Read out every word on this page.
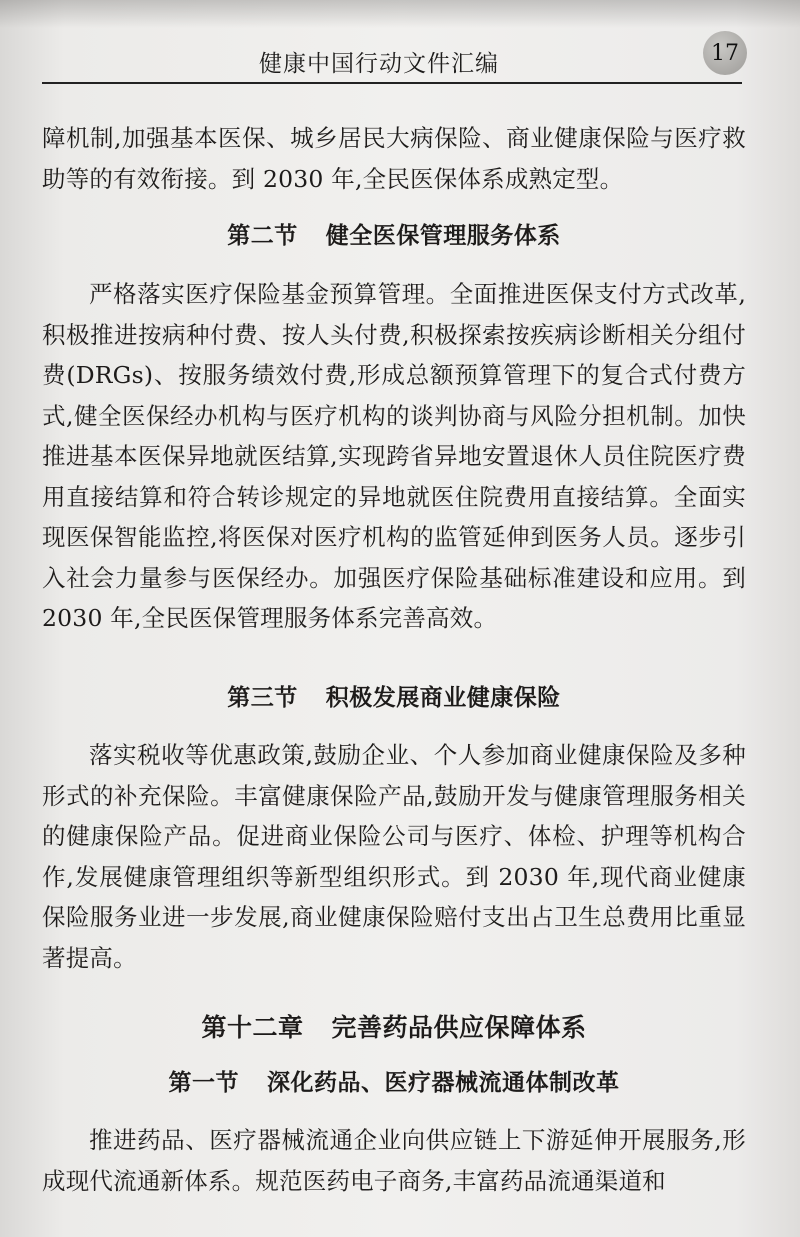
健康中国行动文件汇编	17

障机制,加强基本医保、城乡居民大病保险、商业健康保险与医疗救助等的有效衔接。到 2030 年,全民医保体系成熟定型。

第二节 健全医保管理服务体系

严格落实医疗保险基金预算管理。全面推进医保支付方式改革,积极推进按病种付费、按人头付费,积极探索按疾病诊断相关分组付费(DRGs)、按服务绩效付费,形成总额预算管理下的复合式付费方式,健全医保经办机构与医疗机构的谈判协商与风险分担机制。加快推进基本医保异地就医结算,实现跨省异地安置退休人员住院医疗费用直接结算和符合转诊规定的异地就医住院费用直接结算。全面实现医保智能监控,将医保对医疗机构的监管延伸到医务人员。逐步引入社会力量参与医保经办。加强医疗保险基础标准建设和应用。到 2030 年,全民医保管理服务体系完善高效。

第三节 积极发展商业健康保险

落实税收等优惠政策,鼓励企业、个人参加商业健康保险及多种形式的补充保险。丰富健康保险产品,鼓励开发与健康管理服务相关的健康保险产品。促进商业保险公司与医疗、体检、护理等机构合作,发展健康管理组织等新型组织形式。到 2030 年,现代商业健康保险服务业进一步发展,商业健康保险赔付支出占卫生总费用比重显著提高。

第十二章 完善药品供应保障体系
第一节 深化药品、医疗器械流通体制改革

推进药品、医疗器械流通企业向供应链上下游延伸开展服务,形成现代流通新体系。规范医药电子商务,丰富药品流通渠道和
